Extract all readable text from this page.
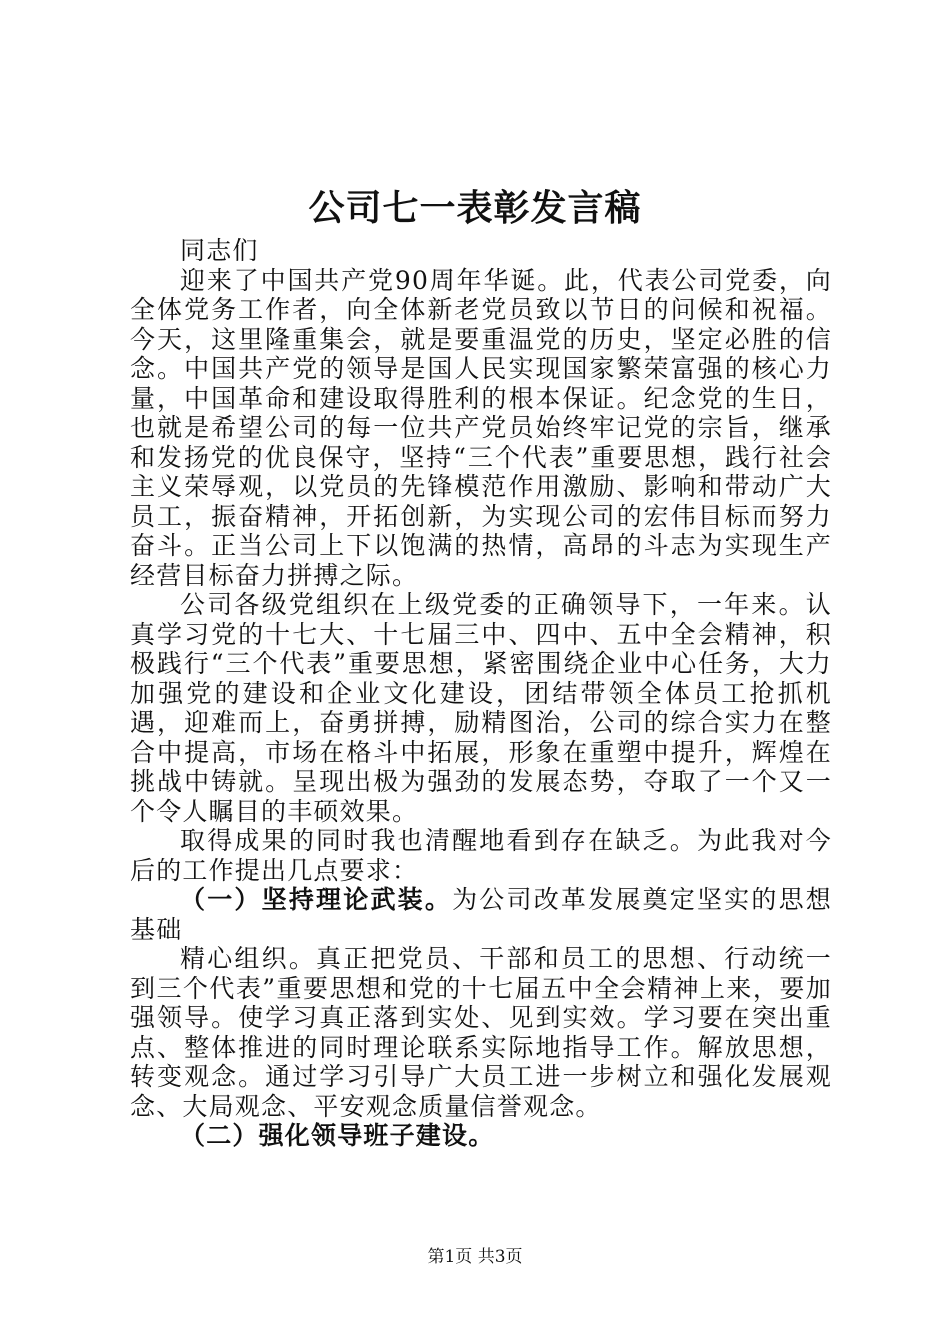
公司七一表彰发言稿

同志们

迎来了中国共产党90周年华诞。此，代表公司党委，向全体党务工作者，向全体新老党员致以节日的问候和祝福。今天，这里隆重集会，就是要重温党的历史，坚定必胜的信念。中国共产党的领导是国人民实现国家繁荣富强的核心力量，中国革命和建设取得胜利的根本保证。纪念党的生日，也就是希望公司的每一位共产党员始终牢记党的宗旨，继承和发扬党的优良保守，坚持“三个代表”重要思想，践行社会主义荣辱观，以党员的先锋模范作用激励、影响和带动广大员工，振奋精神，开拓创新，为实现公司的宏伟目标而努力奋斗。正当公司上下以饱满的热情，高昂的斗志为实现生产经营目标奋力拼搏之际。

公司各级党组织在上级党委的正确领导下，一年来。认真学习党的十七大、十七届三中、四中、五中全会精神，积极践行“三个代表”重要思想，紧密围绕企业中心任务，大力加强党的建设和企业文化建设，团结带领全体员工抢抓机遇，迎难而上，奋勇拼搏，励精图治，公司的综合实力在整合中提高，市场在格斗中拓展，形象在重塑中提升，辉煌在挑战中铸就。呈现出极为强劲的发展态势，夺取了一个又一个令人瞩目的丰硕效果。

取得成果的同时我也清醒地看到存在缺乏。为此我对今后的工作提出几点要求：

（一）坚持理论武装。为公司改革发展奠定坚实的思想基础

精心组织。真正把党员、干部和员工的思想、行动统一到三个代表”重要思想和党的十七届五中全会精神上来，要加强领导。使学习真正落到实处、见到实效。学习要在突出重点、整体推进的同时理论联系实际地指导工作。解放思想，转变观念。通过学习引导广大员工进一步树立和强化发展观念、大局观念、平安观念质量信誉观念。

（二）强化领导班子建设。

第1页 共3页
